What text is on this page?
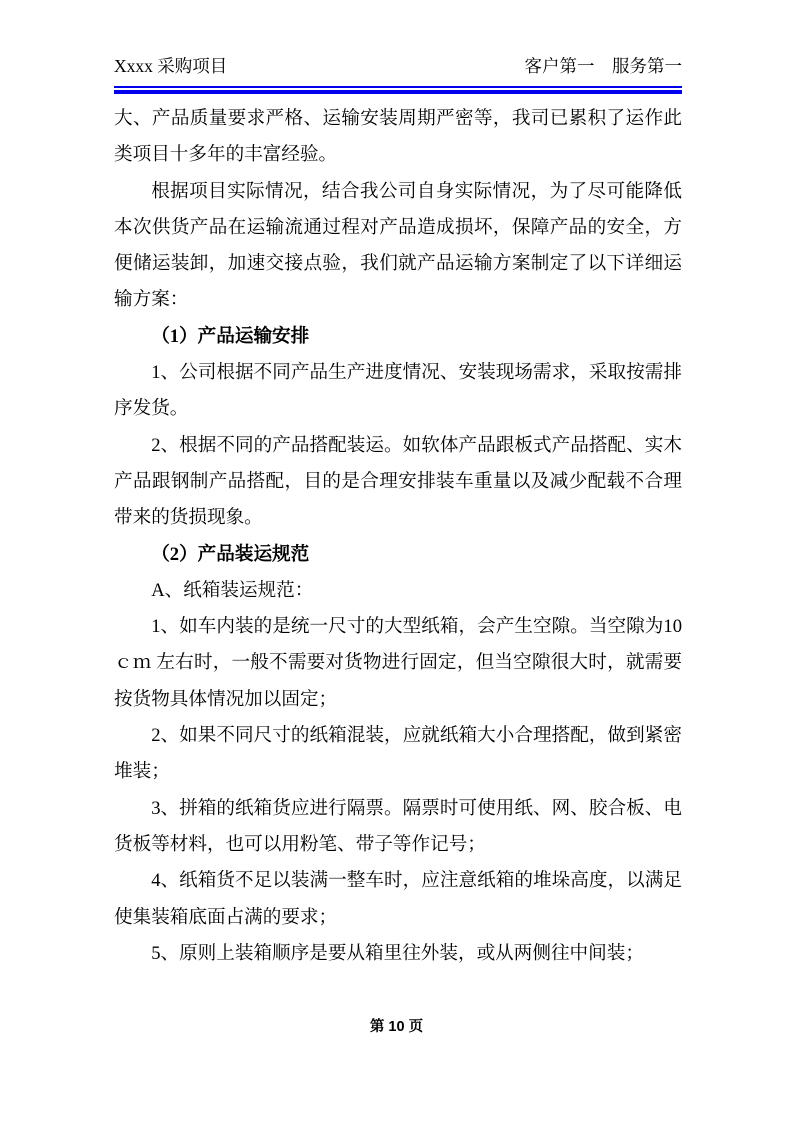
Xxxx 采购项目	客户第一　服务第一

大、产品质量要求严格、运输安装周期严密等，我司已累积了运作此类项目十多年的丰富经验。

根据项目实际情况，结合我公司自身实际情况，为了尽可能降低本次供货产品在运输流通过程对产品造成损坏，保障产品的安全，方便储运装卸，加速交接点验，我们就产品运输方案制定了以下详细运输方案：

（1）产品运输安排

1、公司根据不同产品生产进度情况、安装现场需求，采取按需排序发货。

2、根据不同的产品搭配装运。如软体产品跟板式产品搭配、实木产品跟钢制产品搭配，目的是合理安排装车重量以及减少配载不合理带来的货损现象。

（2）产品装运规范

A、纸箱装运规范：

1、如车内装的是统一尺寸的大型纸箱，会产生空隙。当空隙为10ｃｍ 左右时，一般不需要对货物进行固定，但当空隙很大时，就需要按货物具体情况加以固定；

2、如果不同尺寸的纸箱混装，应就纸箱大小合理搭配，做到紧密堆装；

3、拼箱的纸箱货应进行隔票。隔票时可使用纸、网、胶合板、电货板等材料，也可以用粉笔、带子等作记号；

4、纸箱货不足以装满一整车时，应注意纸箱的堆垛高度，以满足使集装箱底面占满的要求；

5、原则上装箱顺序是要从箱里往外装，或从两侧往中间装；

第 10 页
